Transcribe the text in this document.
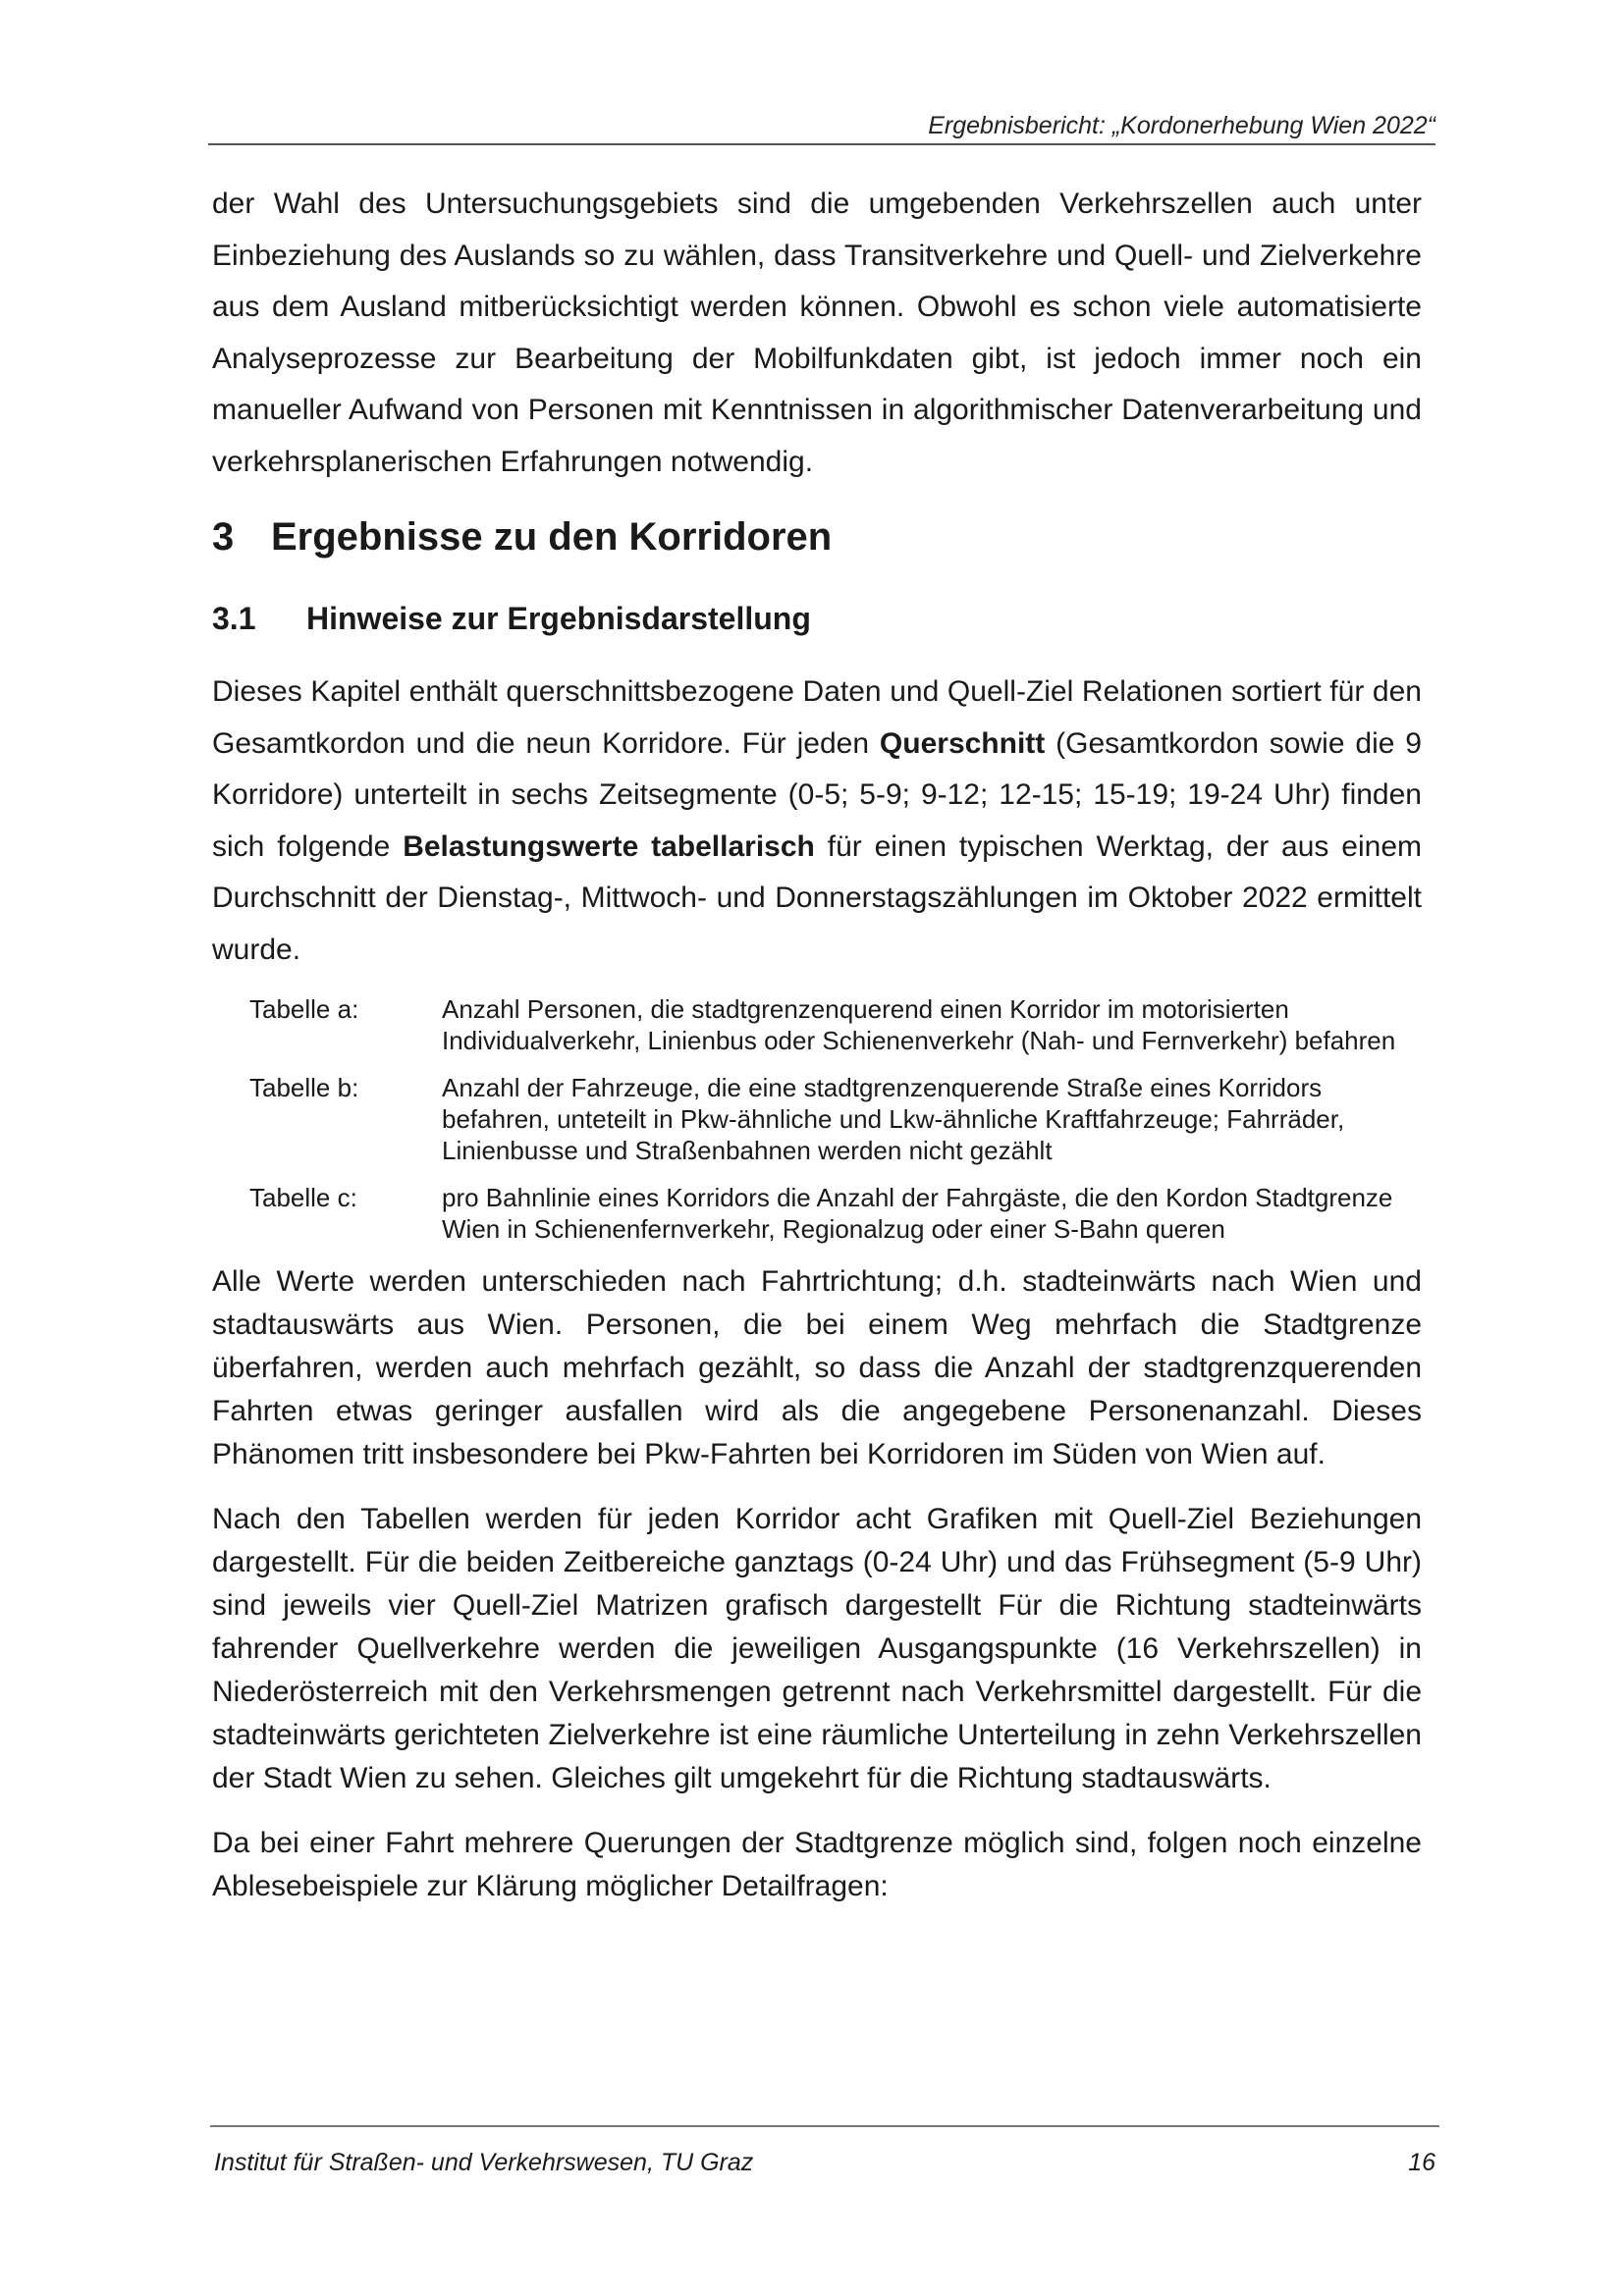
Ergebnisbericht: „Kordonerhebung Wien 2022“

der Wahl des Untersuchungsgebiets sind die umgebenden Verkehrszellen auch unter Einbeziehung des Auslands so zu wählen, dass Transitverkehre und Quell- und Zielverkehre aus dem Ausland mitberücksichtigt werden können. Obwohl es schon viele automatisierte Analyseprozesse zur Bearbeitung der Mobilfunkdaten gibt, ist jedoch immer noch ein manueller Aufwand von Personen mit Kenntnissen in algorithmischer Datenverarbeitung und verkehrsplanerischen Erfahrungen notwendig.

3 Ergebnisse zu den Korridoren
3.1	Hinweise zur Ergebnisdarstellung

Dieses Kapitel enthält querschnittsbezogene Daten und Quell-Ziel Relationen sortiert für den Gesamtkordon und die neun Korridore. Für jeden Querschnitt (Gesamtkordon sowie die 9 Korridore) unterteilt in sechs Zeitsegmente (0-5; 5-9; 9-12; 12-15; 15-19; 19-24 Uhr) finden sich folgende Belastungswerte tabellarisch für einen typischen Werktag, der aus einem Durchschnitt der Dienstag-, Mittwoch- und Donnerstagszählungen im Oktober 2022 ermittelt wurde.

Tabelle a:	Anzahl Personen, die stadtgrenzenquerend einen Korridor im motorisierten Individualverkehr, Linienbus oder Schienenverkehr (Nah- und Fernverkehr) befahren
Tabelle b:	Anzahl der Fahrzeuge, die eine stadtgrenzenquerende Straße eines Korridors befahren, unteteilt in Pkw-ähnliche und Lkw-ähnliche Kraftfahrzeuge; Fahrräder, Linienbusse und Straßenbahnen werden nicht gezählt
Tabelle c:	pro Bahnlinie eines Korridors die Anzahl der Fahrgäste, die den Kordon Stadtgrenze Wien in Schienenfernverkehr, Regionalzug oder einer S-Bahn queren

Alle Werte werden unterschieden nach Fahrtrichtung; d.h. stadteinwärts nach Wien und stadtauswärts aus Wien. Personen, die bei einem Weg mehrfach die Stadtgrenze überfahren, werden auch mehrfach gezählt, so dass die Anzahl der stadtgrenzquerenden Fahrten etwas geringer ausfallen wird als die angegebene Personenanzahl. Dieses Phänomen tritt insbesondere bei Pkw-Fahrten bei Korridoren im Süden von Wien auf.

Nach den Tabellen werden für jeden Korridor acht Grafiken mit Quell-Ziel Beziehungen dargestellt. Für die beiden Zeitbereiche ganztags (0-24 Uhr) und das Frühsegment (5-9 Uhr) sind jeweils vier Quell-Ziel Matrizen grafisch dargestellt Für die Richtung stadteinwärts fahrender Quellverkehre werden die jeweiligen Ausgangspunkte (16 Verkehrszellen) in Niederösterreich mit den Verkehrsmengen getrennt nach Verkehrsmittel dargestellt. Für die stadteinwärts gerichteten Zielverkehre ist eine räumliche Unterteilung in zehn Verkehrszellen der Stadt Wien zu sehen. Gleiches gilt umgekehrt für die Richtung stadtauswärts.

Da bei einer Fahrt mehrere Querungen der Stadtgrenze möglich sind, folgen noch einzelne Ablesebeispiele zur Klärung möglicher Detailfragen:

Institut für Straßen- und Verkehrswesen, TU Graz	16
